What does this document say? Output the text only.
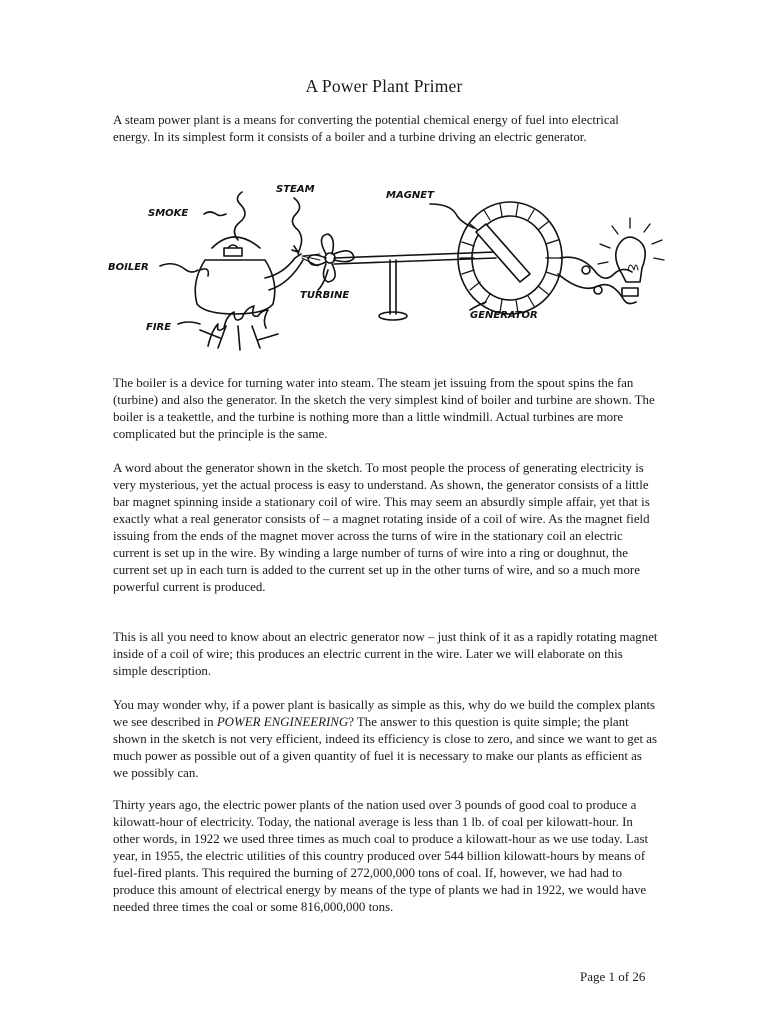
A Power Plant Primer

A steam power plant is a means for converting the potential chemical energy of fuel into electrical energy. In its simplest form it consists of a boiler and a turbine driving an electric generator.

SMOKE
STEAM
MAGNET
BOILER
TURBINE
GENERATOR
FIRE

The boiler is a device for turning water into steam. The steam jet issuing from the spout spins the fan (turbine) and also the generator. In the sketch the very simplest kind of boiler and turbine are shown. The boiler is a teakettle, and the turbine is nothing more than a little windmill. Actual turbines are more complicated but the principle is the same.

A word about the generator shown in the sketch. To most people the process of generating electricity is very mysterious, yet the actual process is easy to understand. As shown, the generator consists of a little bar magnet spinning inside a stationary coil of wire. This may seem an absurdly simple affair, yet that is exactly what a real generator consists of – a magnet rotating inside of a coil of wire. As the magnet field issuing from the ends of the magnet mover across the turns of wire in the stationary coil an electric current is set up in the wire. By winding a large number of turns of wire into a ring or doughnut, the current set up in each turn is added to the current set up in the other turns of wire, and so a much more powerful current is produced.

This is all you need to know about an electric generator now – just think of it as a rapidly rotating magnet inside of a coil of wire; this produces an electric current in the wire. Later we will elaborate on this simple description.

You may wonder why, if a power plant is basically as simple as this, why do we build the complex plants we see described in POWER ENGINEERING? The answer to this question is quite simple; the plant shown in the sketch is not very efficient, indeed its efficiency is close to zero, and since we want to get as much power as possible out of a given quantity of fuel it is necessary to make our plants as efficient as we possibly can.

Thirty years ago, the electric power plants of the nation used over 3 pounds of good coal to produce a kilowatt-hour of electricity. Today, the national average is less than 1 lb. of coal per kilowatt-hour. In other words, in 1922 we used three times as much coal to produce a kilowatt-hour as we use today. Last year, in 1955, the electric utilities of this country produced over 544 billion kilowatt-hours by means of fuel-fired plants. This required the burning of 272,000,000 tons of coal. If, however, we had had to produce this amount of electrical energy by means of the type of plants we had in 1922, we would have needed three times the coal or some 816,000,000 tons.

Page 1 of 26
